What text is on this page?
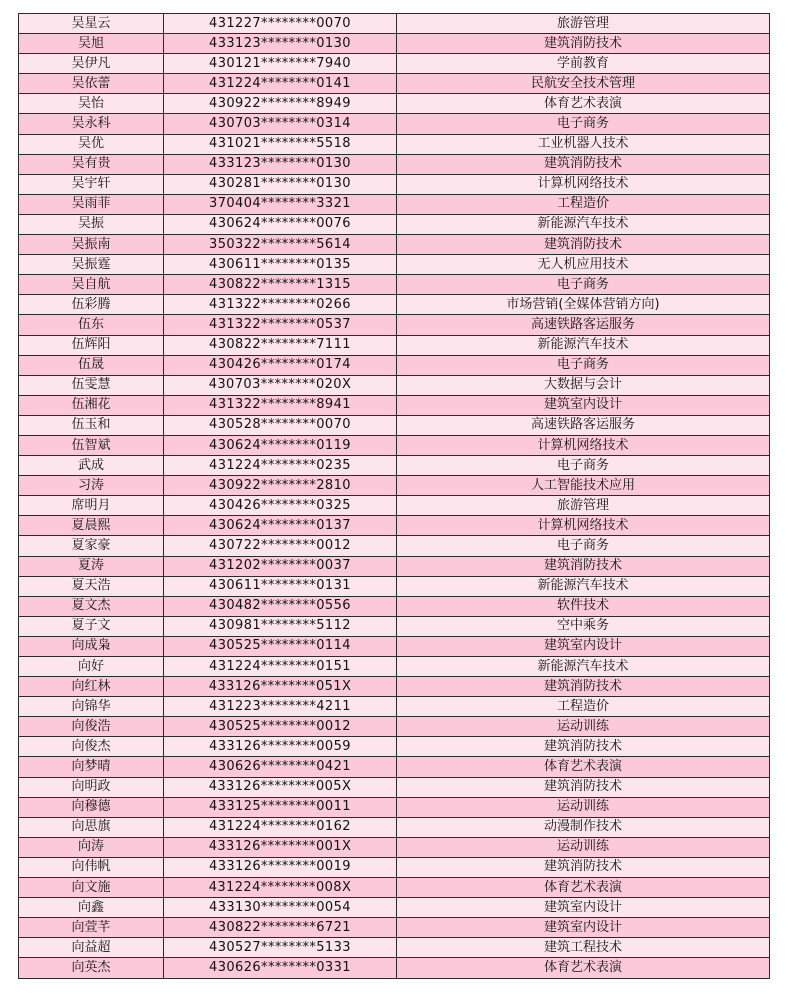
吴星云	431227********0070	旅游管理
吴旭	433123********0130	建筑消防技术
吴伊凡	430121********7940	学前教育
吴依蕾	431224********0141	民航安全技术管理
吴怡	430922********8949	体育艺术表演
吴永科	430703********0314	电子商务
吴优	431021********5518	工业机器人技术
吴有贵	433123********0130	建筑消防技术
吴宇轩	430281********0130	计算机网络技术
吴雨菲	370404********3321	工程造价
吴振	430624********0076	新能源汽车技术
吴振南	350322********5614	建筑消防技术
吴振霆	430611********0135	无人机应用技术
吴自航	430822********1315	电子商务
伍彩腾	431322********0266	市场营销(全媒体营销方向)
伍东	431322********0537	高速铁路客运服务
伍辉阳	430822********7111	新能源汽车技术
伍晟	430426********0174	电子商务
伍雯慧	430703********020X	大数据与会计
伍湘花	431322********8941	建筑室内设计
伍玉和	430528********0070	高速铁路客运服务
伍智斌	430624********0119	计算机网络技术
武成	431224********0235	电子商务
习涛	430922********2810	人工智能技术应用
席明月	430426********0325	旅游管理
夏晨熙	430624********0137	计算机网络技术
夏家豪	430722********0012	电子商务
夏涛	431202********0037	建筑消防技术
夏天浩	430611********0131	新能源汽车技术
夏文杰	430482********0556	软件技术
夏子文	430981********5112	空中乘务
向成枭	430525********0114	建筑室内设计
向好	431224********0151	新能源汽车技术
向红林	433126********051X	建筑消防技术
向锦华	431223********4211	工程造价
向俊浩	430525********0012	运动训练
向俊杰	433126********0059	建筑消防技术
向梦晴	430626********0421	体育艺术表演
向明政	433126********005X	建筑消防技术
向穆德	433125********0011	运动训练
向思旗	431224********0162	动漫制作技术
向涛	433126********001X	运动训练
向伟帆	433126********0019	建筑消防技术
向文施	431224********008X	体育艺术表演
向鑫	433130********0054	建筑室内设计
向萱芊	430822********6721	建筑室内设计
向益超	430527********5133	建筑工程技术
向英杰	430626********0331	体育艺术表演
